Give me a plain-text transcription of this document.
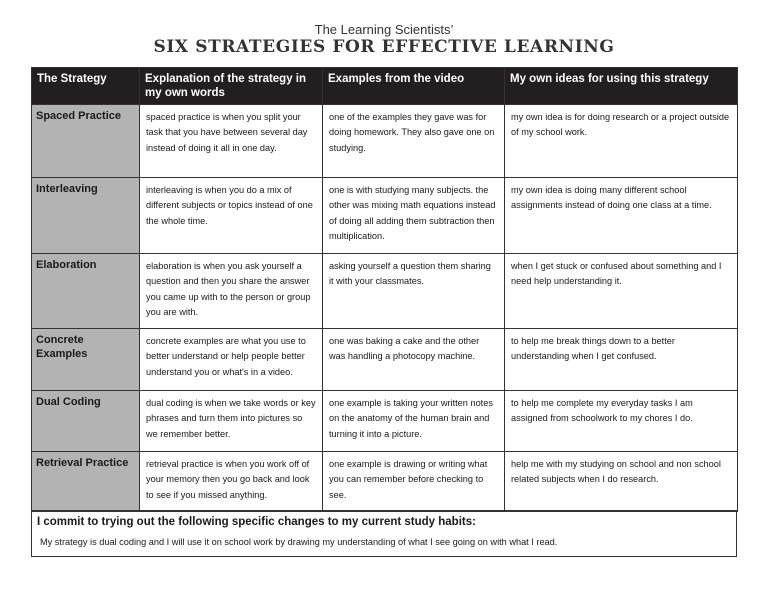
The Learning Scientists’
SIX STRATEGIES FOR EFFECTIVE LEARNING
The Strategy	Explanation of the strategy in my own words	Examples from the video	My own ideas for using this strategy
Spaced Practice	spaced practice is when you split your task that you have between several day instead of doing it all in one day.	one of the examples they gave was for doing homework. They also gave one on studying.	my own idea is for doing research or a project outside of my school work.
Interleaving	interleaving is when you do a mix of different subjects or topics instead of one the whole time.	one is with studying many subjects. the other was mixing math equations instead of doing all adding them subtraction then multiplication.	my own idea is doing many different school assignments instead of doing one class at a time.
Elaboration	elaboration is when you ask yourself a question and then you share the answer you came up with to the person or group you are with.	asking yourself a question them sharing it with your classmates.	when I get stuck or confused about something and I need help understanding it.
Concrete Examples	concrete examples are what you use to better understand or help people better understand you or what's in a video.	one was baking a cake and the other was handling a photocopy machine.	to help me break things down to a better understanding when I get confused.
Dual Coding	dual coding is when we take words or key phrases and turn them into pictures so we remember better.	one example is taking your written notes on the anatomy of the human brain and turning it into a picture.	to help me complete my everyday tasks I am assigned from schoolwork to my chores I do.
Retrieval Practice	retrieval practice is when you work off of your memory then you go back and look to see if you missed anything.	one example is drawing or writing what you can remember before checking to see.	help me with my studying on school and non school related subjects when I do research.
I commit to trying out the following specific changes to my current study habits:
My strategy is dual coding and I will use it on school work by drawing my understanding of what I see going on with what I read.
